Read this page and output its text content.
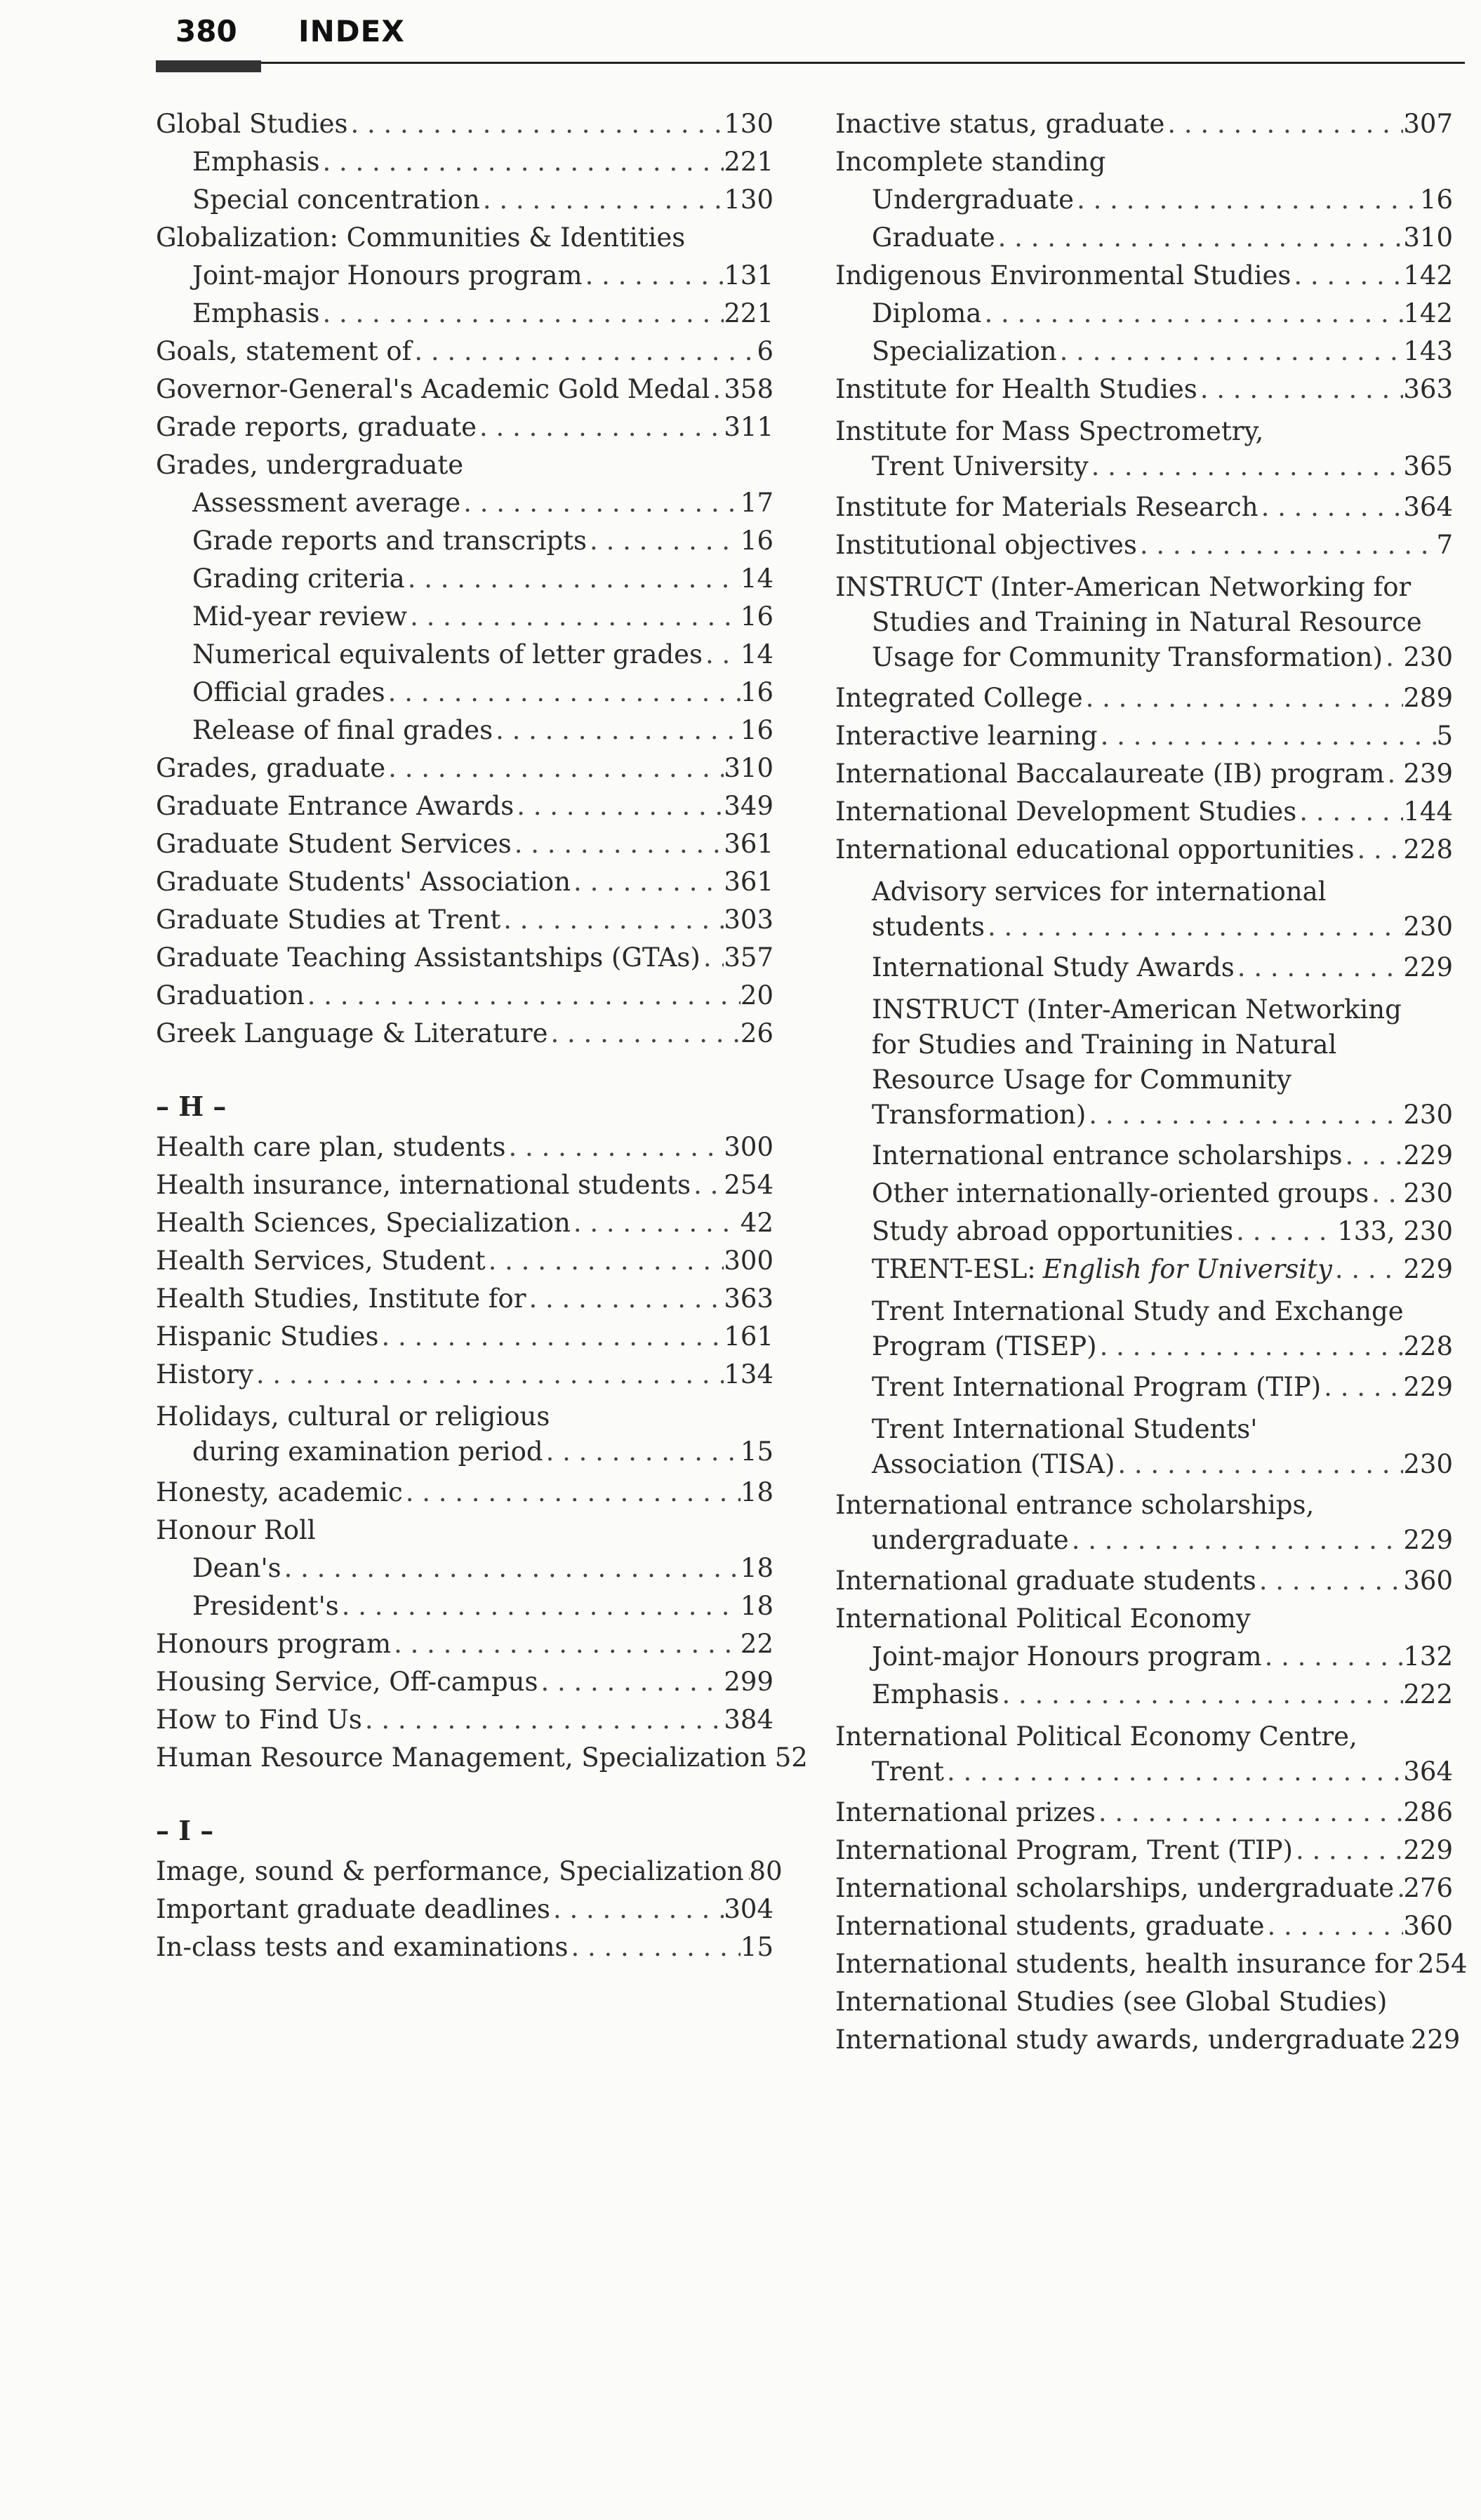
380 INDEX
Global Studies . . .	130
Emphasis . . .	221
Special concentration . . .	130
Globalization: Communities & Identities
Joint-major Honours program . . .	131
Emphasis . . .	221
Goals, statement of . . .	6
Governor-General's Academic Gold Medal . . . 358
Grade reports, graduate . . .	311
Grades, undergraduate
Assessment average . . .	17
Grade reports and transcripts . . .	16
Grading criteria . . .	14
Mid-year review . . .	16
Numerical equivalents of letter grades . . . 14
Official grades . . .	16
Release of final grades . . .	16
Grades, graduate . . .	310
Graduate Entrance Awards . . .	349
Graduate Student Services . . .	361
Graduate Students' Association . . .	361
Graduate Studies at Trent . . .	303
Graduate Teaching Assistantships (GTAs) . . . 357
Graduation . . .	20
Greek Language & Literature . . .	26
– H –
Health care plan, students . . .	300
Health insurance, international students . . . 254
Health Sciences, Specialization . . .	42
Health Services, Student . . .	300
Health Studies, Institute for . . .	363
Hispanic Studies . . .	161
History . . .	134
Holidays, cultural or religious
during examination period . . .	15
Honesty, academic . . .	18
Honour Roll
Dean's . . .	18
President's . . .	18
Honours program . . .	22
Housing Service, Off-campus . . .	299
How to Find Us . . .	384
Human Resource Management, Specialization 52
– I –
Image, sound & performance, Specialization . . . 80
Important graduate deadlines . . .	304
In-class tests and examinations . . .	15
Inactive status, graduate . . .	307
Incomplete standing
Undergraduate . . .	16
Graduate . . .	310
Indigenous Environmental Studies . . .	142
Diploma . . .	142
Specialization . . .	143
Institute for Health Studies . . .	363
Institute for Mass Spectrometry,
Trent University . . .	365
Institute for Materials Research . . .	364
Institutional objectives . . .	7
INSTRUCT (Inter-American Networking for
Studies and Training in Natural Resource
Usage for Community Transformation) . . . 230
Integrated College . . .	289
Interactive learning . . .	5
International Baccalaureate (IB) program . . . 239
International Development Studies . . .	144
International educational opportunities . . . 228
Advisory services for international
students . . .	230
International Study Awards . . .	229
INSTRUCT (Inter-American Networking
for Studies and Training in Natural
Resource Usage for Community
Transformation) . . .	230
International entrance scholarships . . . 229
Other internationally-oriented groups . . . 230
Study abroad opportunities . . .	133, 230
TRENT-ESL: English for University . . .	229
Trent International Study and Exchange
Program (TISEP) . . .	228
Trent International Program (TIP) . . .	229
Trent International Students'
Association (TISA) . . .	230
International entrance scholarships,
undergraduate . . .	229
International graduate students . . .	360
International Political Economy
Joint-major Honours program . . .	132
Emphasis . . .	222
International Political Economy Centre,
Trent . . .	364
International prizes . . .	286
International Program, Trent (TIP) . . .	229
International scholarships, undergraduate . . . 276
International students, graduate . . .	360
International students, health insurance for . . . 254
International Studies (see Global Studies)
International study awards, undergraduate . . . 229
